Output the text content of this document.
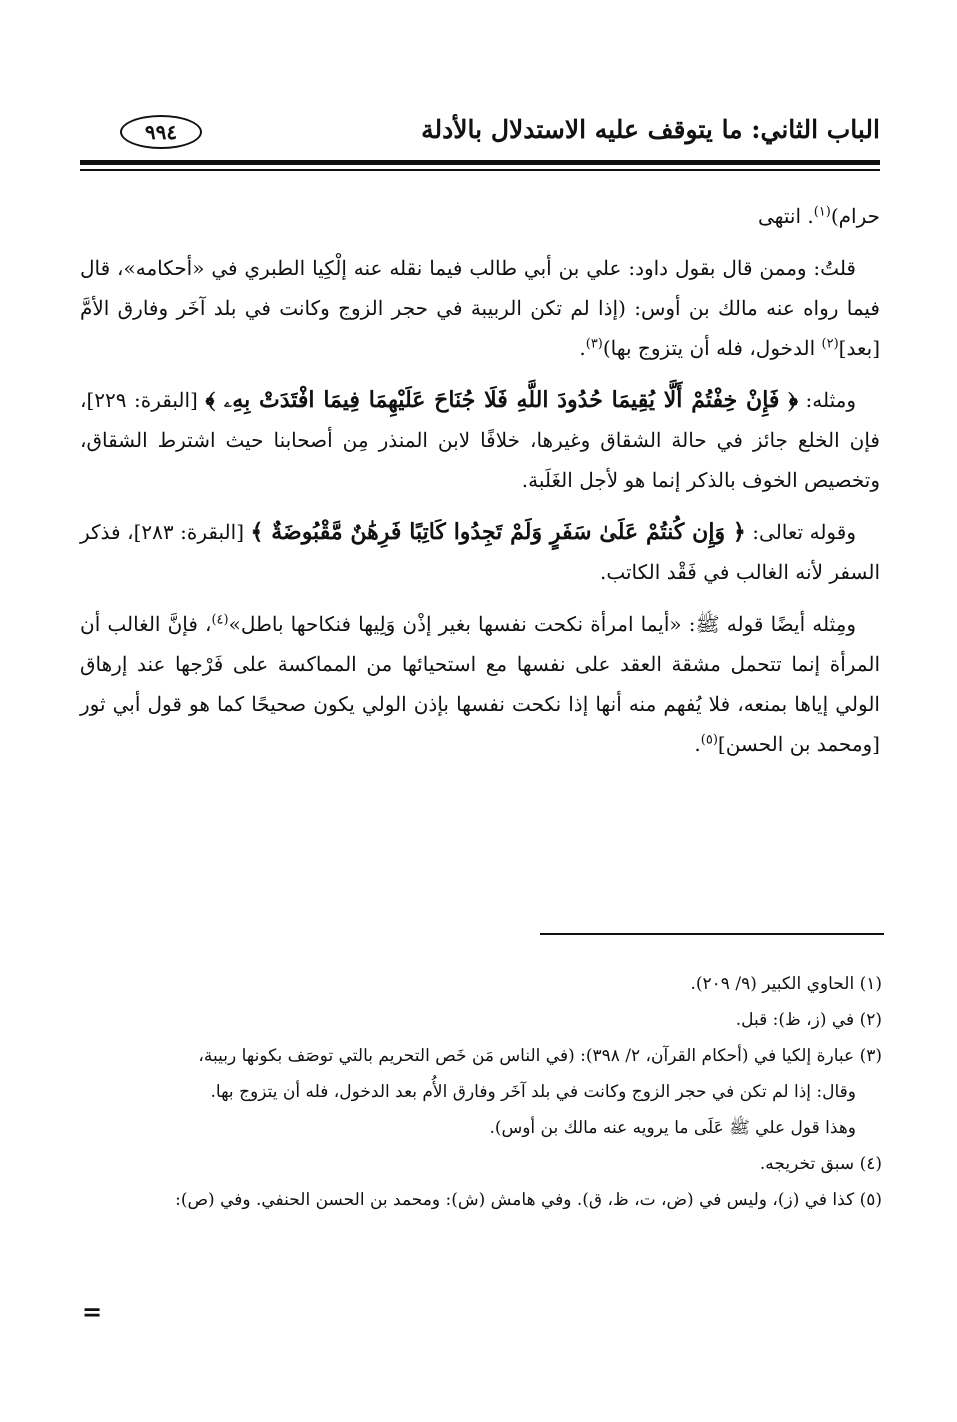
الباب الثاني: ما يتوقف عليه الاستدلال بالأدلة
٩٩٤

حرام)$^{(١)}$. انتهى

قلتُ: وممن قال بقول داود: علي بن أبي طالب فيما نقله عنه إلْكِيا الطبري في «أحكامه»، قال فيما رواه عنه مالك بن أوس: (إذا لم تكن الربيبة في حجر الزوج وكانت في بلد آخَر وفارق الأمَّ [بعد]$^{(٢)}$ الدخول، فله أن يتزوج بها)$^{(٣)}$.

ومثله: ﴿ فَإِنْ خِفْتُمْ أَلَّا يُقِيمَا حُدُودَ اللَّهِ فَلَا جُنَاحَ عَلَيْهِمَا فِيمَا افْتَدَتْ بِهِۦ ﴾ [البقرة: ٢٢٩]، فإن الخلع جائز في حالة الشقاق وغيرها، خلافًا لابن المنذر مِن أصحابنا حيث اشترط الشقاق، وتخصيص الخوف بالذكر إنما هو لأجل الغَلَبة.

وقوله تعالى: ﴿ وَإِن كُنتُمْ عَلَىٰ سَفَرٍ وَلَمْ تَجِدُوا كَاتِبًا فَرِهَٰنٌ مَّقْبُوضَةٌ ﴾ [البقرة: ٢٨٣]، فذكر السفر لأنه الغالب في فَقْد الكاتب.

ومِثله أيضًا قوله ﷺ: «أيما امرأة نكحت نفسها بغير إذْن وَلِيها فنكاحها باطل»$^{(٤)}$، فإنَّ الغالب أن المرأة إنما تتحمل مشقة العقد على نفسها مع استحيائها من المماكسة على فَرْجها عند إرهاق الولي إياها بمنعه، فلا يُفهم منه أنها إذا نكحت نفسها بإذن الولي يكون صحيحًا كما هو قول أبي ثور [ومحمد بن الحسن]$^{(٥)}$.

(١) الحاوي الكبير (٩/ ٢٠٩).
(٢) في (ز، ظ): قبل.
(٣) عبارة إلكيا في (أحكام القرآن، ٢/ ٣٩٨): (في الناس مَن خَص التحريم بالتي توصَف بكونها ربيبة،
وقال: إذا لم تكن في حجر الزوج وكانت في بلد آخَر وفارق الأُم بعد الدخول، فله أن يتزوج بها.
وهذا قول علي ﷺ عَلَى ما يرويه عنه مالك بن أوس).
(٤) سبق تخريجه.
(٥) كذا في (ز)، وليس في (ض، ت، ظ، ق). وفي هامش (ش): ومحمد بن الحسن الحنفي. وفي (ص):
=
